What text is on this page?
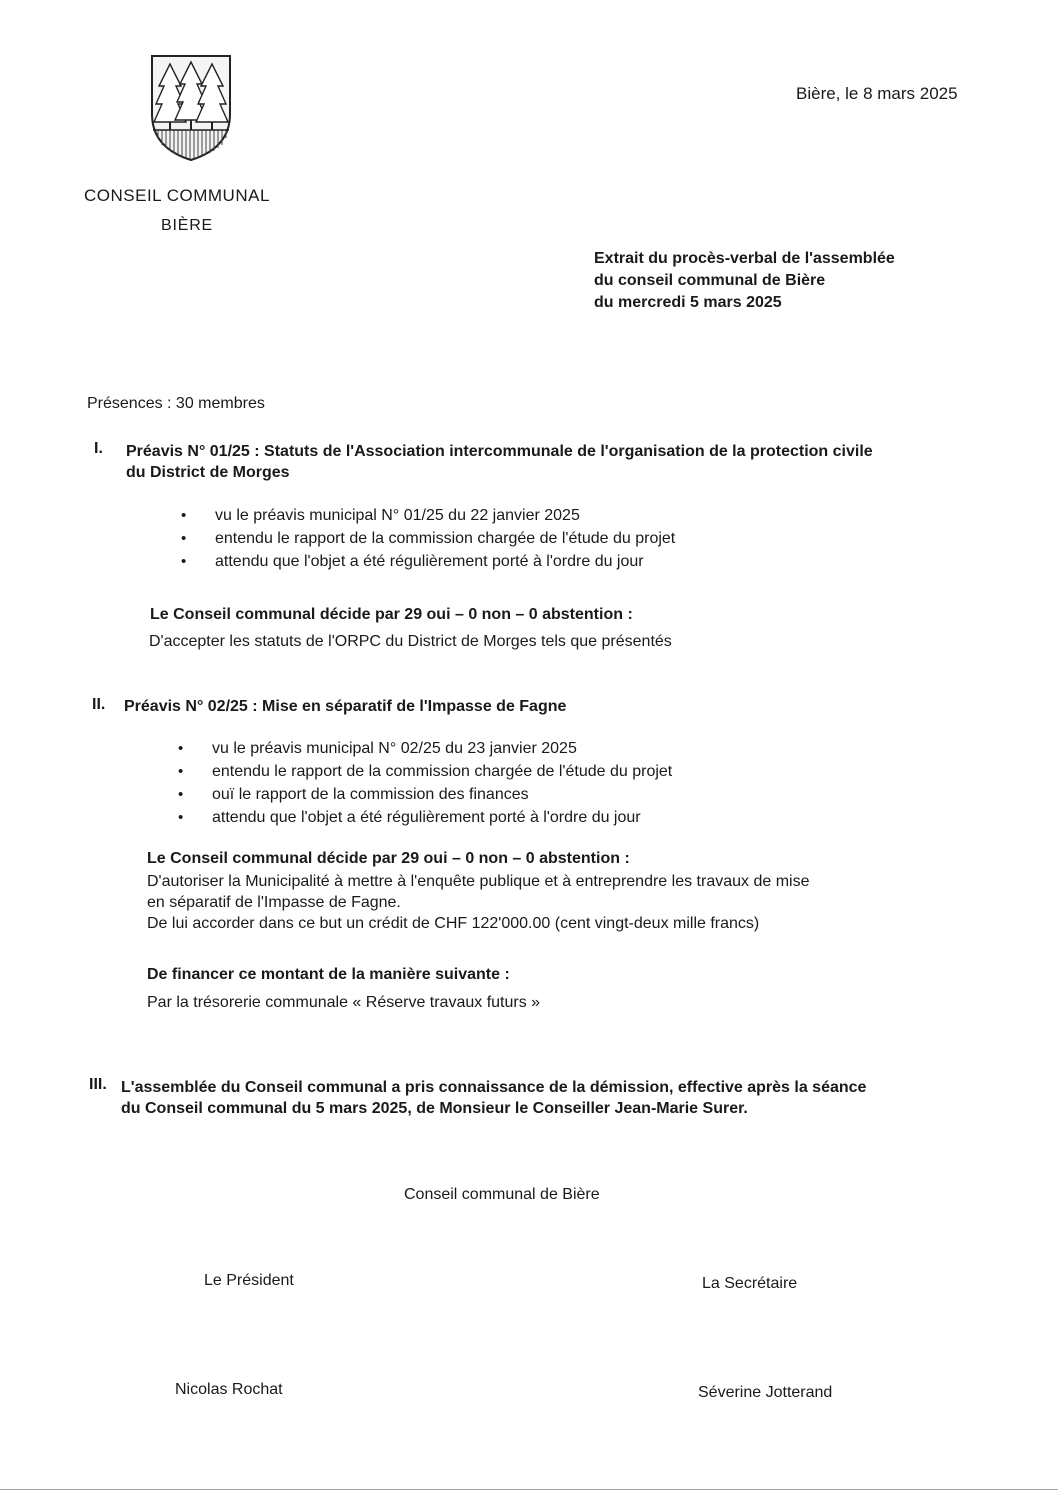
CONSEIL COMMUNAL
BIÈRE
Bière, le 8 mars 2025
Extrait du procès-verbal de l'assemblée
du conseil communal de Bière
du mercredi 5 mars 2025
Présences : 30 membres
I. Préavis N° 01/25 : Statuts de l'Association intercommunale de l'organisation de la protection civile
du District de Morges
• vu le préavis municipal N° 01/25 du 22 janvier 2025
• entendu le rapport de la commission chargée de l'étude du projet
• attendu que l'objet a été régulièrement porté à l'ordre du jour
Le Conseil communal décide par 29 oui – 0 non – 0 abstention :
D'accepter les statuts de l'ORPC du District de Morges tels que présentés
II. Préavis N° 02/25 : Mise en séparatif de l'Impasse de Fagne
• vu le préavis municipal N° 02/25 du 23 janvier 2025
• entendu le rapport de la commission chargée de l'étude du projet
• ouï le rapport de la commission des finances
• attendu que l'objet a été régulièrement porté à l'ordre du jour
Le Conseil communal décide par 29 oui – 0 non – 0 abstention :
D'autoriser la Municipalité à mettre à l'enquête publique et à entreprendre les travaux de mise
en séparatif de l'Impasse de Fagne.
De lui accorder dans ce but un crédit de CHF 122'000.00 (cent vingt-deux mille francs)
De financer ce montant de la manière suivante :
Par la trésorerie communale « Réserve travaux futurs »
III. L'assemblée du Conseil communal a pris connaissance de la démission, effective après la séance
du Conseil communal du 5 mars 2025, de Monsieur le Conseiller Jean-Marie Surer.
Conseil communal de Bière
Le Président	La Secrétaire
Nicolas Rochat	Séverine Jotterand
